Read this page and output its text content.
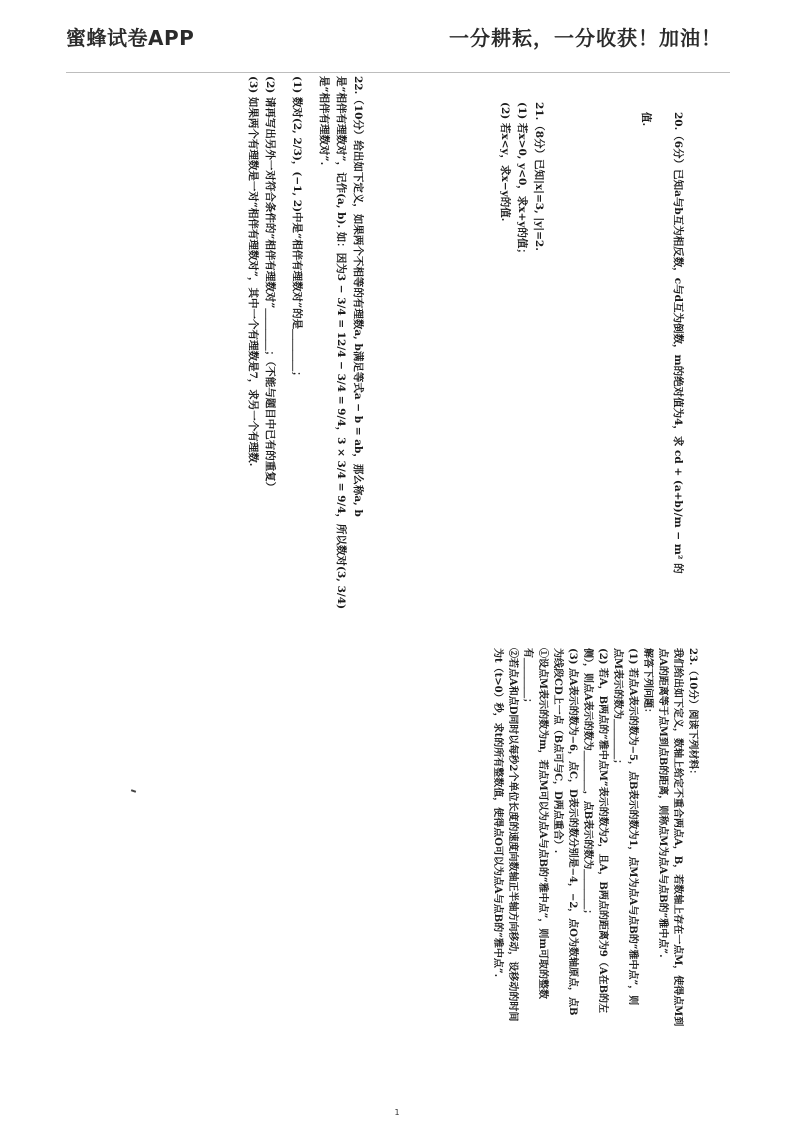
蜜蜂试卷APP	一分耕耘，一分收获！加油！
20.（6分）已知a与b互为相反数，c与d互为倒数，m的绝对值为4，求 cd + (a+b)/m − m² 的
值.
21.（8分）已知|x|=3, |y|=2.
(1) 若x>0, y<0，求x+y的值；
(2) 若x<y，求x−y的值.
22.（10分）给出如下定义，如果两个不相等的有理数a, b满足等式a − b = ab，那么称a, b
是“相伴有理数对”，记作(a, b). 如：因为3 − 3/4 = 12/4 − 3/4 = 9/4，3 × 3/4 = 9/4，所以数对(3, 3/4)
是“相伴有理数对”.
(1) 数对(2, 2/3)，(−1, 2)中是“相伴有理数对”的是＿＿＿＿；
(2) 请再写出另外一对符合条件的“相伴有理数对”＿＿＿＿；（不能与题目中已有的重复）
(3) 如果两个有理数是一对“相伴有理数对”，其中一个有理数是7，求另一个有理数.
23.（10分）阅读下列材料：
我们给出如下定义，数轴上给定不重合两点A，B，若数轴上存在一点M，使得点M到
点A的距离等于点M到点B的距离，则称点M为点A与点B的“雅中点”.
解答下列问题：
(1) 若点A表示的数为−5，点B表示的数为1，点M为点A与点B的“雅中点”，则
点M表示的数为＿＿＿＿；
(2) 若A，B两点的“雅中点M”表示的数为2，且A，B两点的距离为9（A在B的左
侧），则点A表示的数为＿＿＿＿，点B表示的数为＿＿＿＿；
(3) 点A表示的数为−6，点C，D表示的数分别是−4，−2，点O为数轴原点，点B
为线段CD上一点（B点可与C，D两点重合）.
①设点M表示的数为m，若点M可以为点A与点B的“雅中点”，则m可取的整数
有＿＿＿＿；
②若点A和点D同时以每秒2个单位长度的速度向数轴正半轴方向移动，设移动的时间
为t（t>0）秒，求t的所有整数值，使得点O可以为点A与点B的“雅中点”.
1
